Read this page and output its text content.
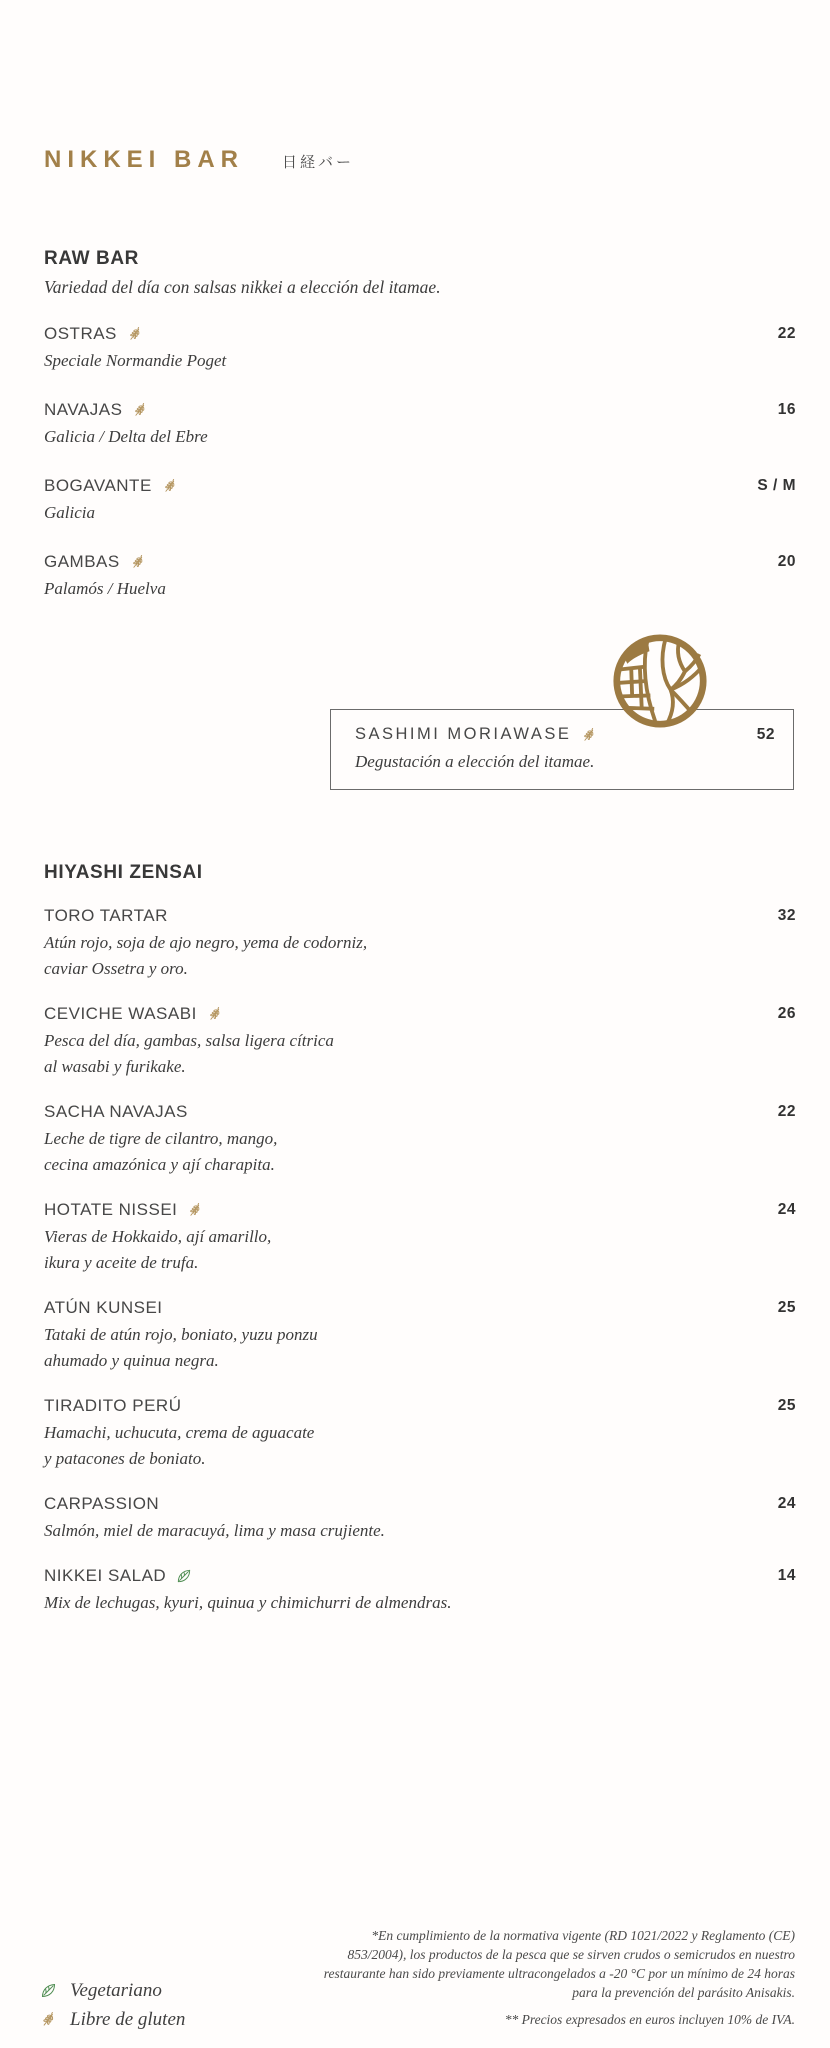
NIKKEI BAR	日経バー
RAW BAR
Variedad del día con salsas nikkei a elección del itamae.
OSTRAS	22
Speciale Normandie Poget
NAVAJAS	16
Galicia / Delta del Ebre
BOGAVANTE	S / M
Galicia
GAMBAS	20
Palamós / Huelva
SASHIMI MORIAWASE	52
Degustación a elección del itamae.
HIYASHI ZENSAI
TORO TARTAR	32
Atún rojo, soja de ajo negro, yema de codorniz,
caviar Ossetra y oro.
CEVICHE WASABI	26
Pesca del día, gambas, salsa ligera cítrica
al wasabi y furikake.
SACHA NAVAJAS	22
Leche de tigre de cilantro, mango,
cecina amazónica y ají charapita.
HOTATE NISSEI	24
Vieras de Hokkaido, ají amarillo,
ikura y aceite de trufa.
ATÚN KUNSEI	25
Tataki de atún rojo, boniato, yuzu ponzu
ahumado y quinua negra.
TIRADITO PERÚ	25
Hamachi, uchucuta, crema de aguacate
y patacones de boniato.
CARPASSION	24
Salmón, miel de maracuyá, lima y masa crujiente.
NIKKEI SALAD	14
Mix de lechugas, kyuri, quinua y chimichurri de almendras.
Vegetariano
Libre de gluten
*En cumplimiento de la normativa vigente (RD 1021/2022 y Reglamento (CE)
853/2004), los productos de la pesca que se sirven crudos o semicrudos en nuestro
restaurante han sido previamente ultracongelados a -20 °C por un mínimo de 24 horas
para la prevención del parásito Anisakis.
** Precios expresados en euros incluyen 10% de IVA.
